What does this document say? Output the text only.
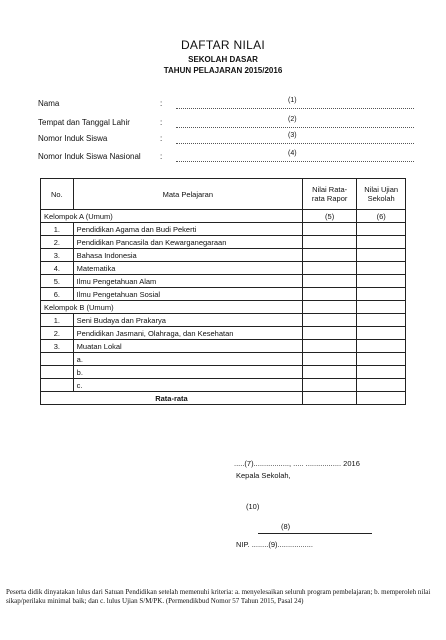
DAFTAR NILAI
SEKOLAH DASAR
TAHUN PELAJARAN 2015/2016
Nama	:	(1)
Tempat dan Tanggal Lahir	:	(2)
Nomor Induk Siswa	:	(3)
Nomor Induk Siswa Nasional :	(4)
No.	Mata Pelajaran	Nilai Rata-rata Rapor	Nilai Ujian Sekolah
Kelompok A (Umum)		(5)	(6)
1.	Pendidikan Agama dan Budi Pekerti		
2.	Pendidikan Pancasila dan Kewarganegaraan		
3.	Bahasa Indonesia		
4.	Matematika		
5.	Ilmu Pengetahuan Alam		
6.	Ilmu Pengetahuan Sosial		
Kelompok B (Umum)			
1.	Seni Budaya dan Prakarya		
2.	Pendidikan Jasmani, Olahraga, dan Kesehatan		
3.	Muatan Lokal		
	a.		
	b.		
	c.		
Rata-rata			
.....(7)................., ..... ................. 2016
Kepala Sekolah,
(10)
(8)
NIP. ........(9).................
Peserta didik dinyatakan lulus dari Satuan Pendidikan setelah memenuhi kriteria: a. menyelesaikan seluruh program pembelajaran; b. memperoleh nilai sikap/perilaku minimal baik; dan c. lulus Ujian S/M/PK. (Permendikbud Nomor 57 Tahun 2015, Pasal 24)
